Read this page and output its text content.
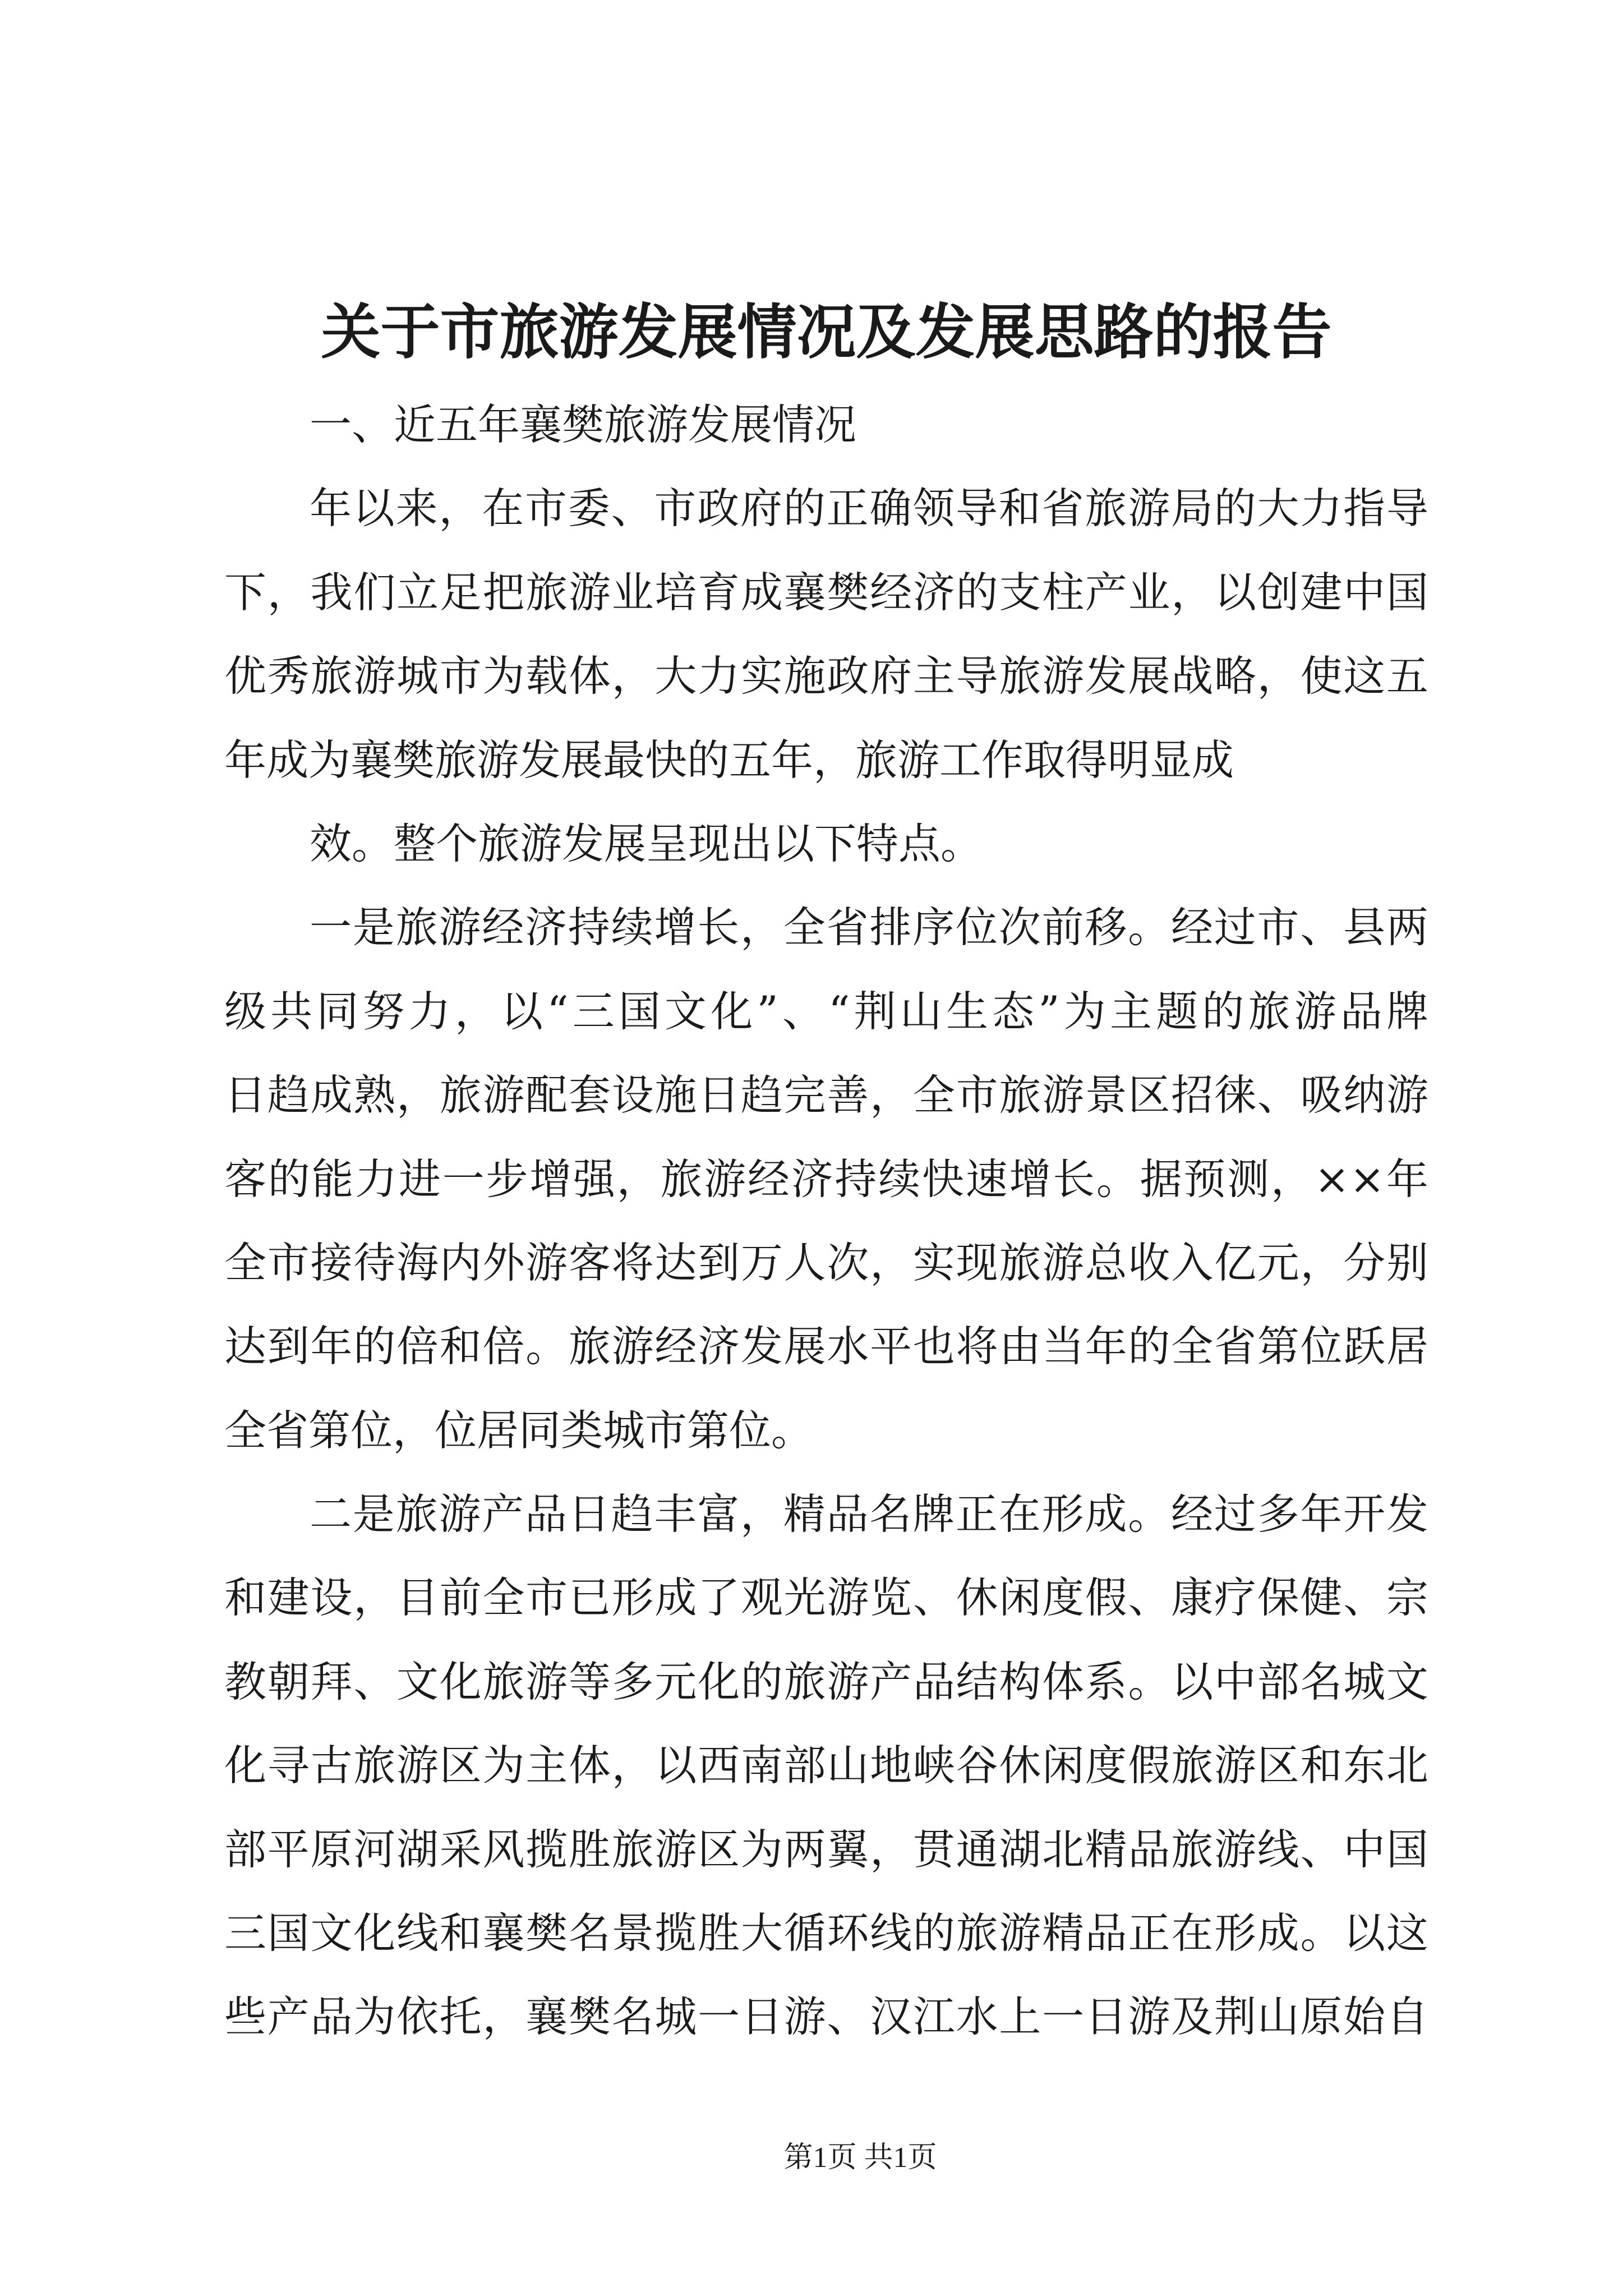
关于市旅游发展情况及发展思路的报告
一、近五年襄樊旅游发展情况
年以来，在市委、市政府的正确领导和省旅游局的大力指导
下，我们立足把旅游业培育成襄樊经济的支柱产业，以创建中国
优秀旅游城市为载体，大力实施政府主导旅游发展战略，使这五
年成为襄樊旅游发展最快的五年，旅游工作取得明显成
效。整个旅游发展呈现出以下特点。
一是旅游经济持续增长，全省排序位次前移。经过市、县两
级共同努力，以“三国文化”、“荆山生态”为主题的旅游品牌
日趋成熟，旅游配套设施日趋完善，全市旅游景区招徕、吸纳游
客的能力进一步增强，旅游经济持续快速增长。据预测，××年
全市接待海内外游客将达到万人次，实现旅游总收入亿元，分别
达到年的倍和倍。旅游经济发展水平也将由当年的全省第位跃居
全省第位，位居同类城市第位。
二是旅游产品日趋丰富，精品名牌正在形成。经过多年开发
和建设，目前全市已形成了观光游览、休闲度假、康疗保健、宗
教朝拜、文化旅游等多元化的旅游产品结构体系。以中部名城文
化寻古旅游区为主体，以西南部山地峡谷休闲度假旅游区和东北
部平原河湖采风揽胜旅游区为两翼，贯通湖北精品旅游线、中国
三国文化线和襄樊名景揽胜大循环线的旅游精品正在形成。以这
些产品为依托，襄樊名城一日游、汉江水上一日游及荆山原始自
第1页 共1页
